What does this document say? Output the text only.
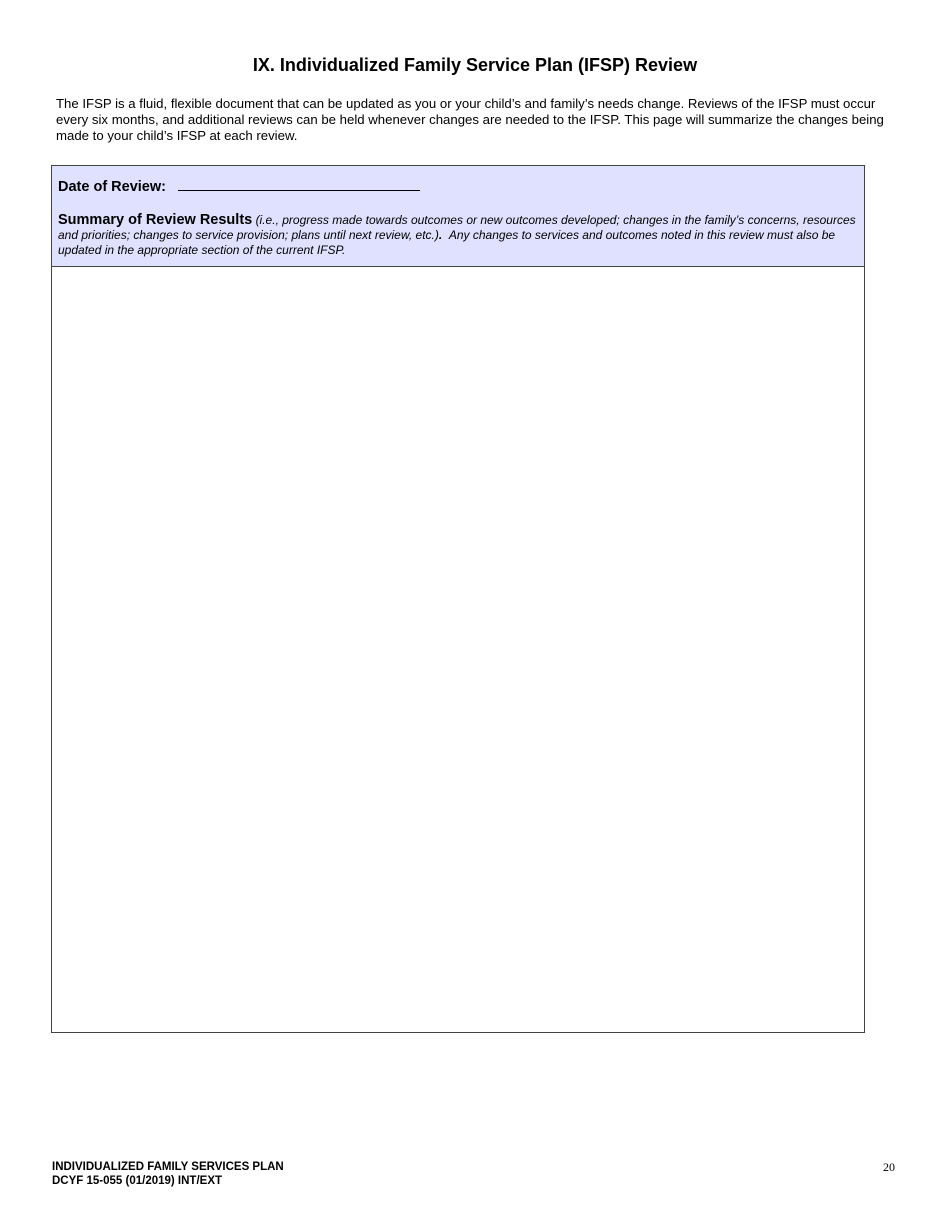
IX. Individualized Family Service Plan (IFSP) Review
The IFSP is a fluid, flexible document that can be updated as you or your child’s and family’s needs change. Reviews of the IFSP must occur every six months, and additional reviews can be held whenever changes are needed to the IFSP. This page will summarize the changes being made to your child’s IFSP at each review.
Date of Review:
Summary of Review Results (i.e., progress made towards outcomes or new outcomes developed; changes in the family’s concerns, resources and priorities; changes to service provision; plans until next review, etc.). Any changes to services and outcomes noted in this review must also be updated in the appropriate section of the current IFSP.
INDIVIDUALIZED FAMILY SERVICES PLAN
DCYF 15-055 (01/2019) INT/EXT
20
